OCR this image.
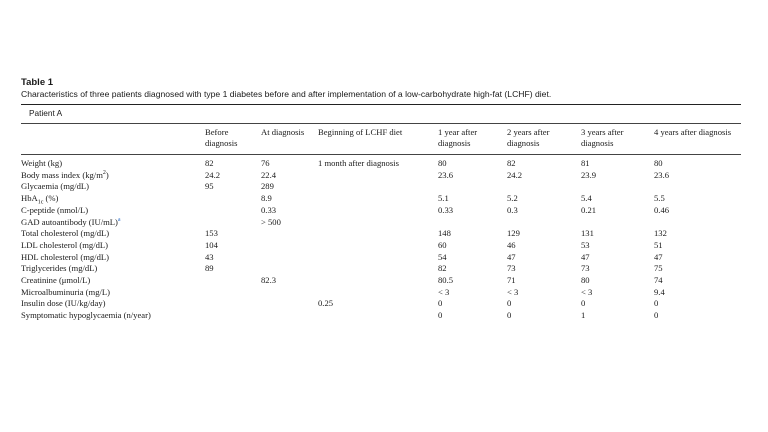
Table 1
Characteristics of three patients diagnosed with type 1 diabetes before and after implementation of a low-carbohydrate high-fat (LCHF) diet.
Patient A
	Before diagnosis	At diagnosis	Beginning of LCHF diet	1 year after diagnosis	2 years after diagnosis	3 years after diagnosis	4 years after diagnosis
Weight (kg)	82	76	1 month after diagnosis	80	82	81	80
Body mass index $(kg/m^2)$	24.2	22.4		23.6	24.2	23.9	23.6
Glycaemia (mg/dL)	95	289					
HbA$_{1c}$ (%)		8.9		5.1	5.2	5.4	5.5
C-peptide (nmol/L)		0.33		0.33	0.3	0.21	0.46
GAD autoantibody (IU/mL)$^a$		> 500					
Total cholesterol (mg/dL)	153			148	129	131	132
LDL cholesterol (mg/dL)	104			60	46	53	51
HDL cholesterol (mg/dL)	43			54	47	47	47
Triglycerides (mg/dL)	89			82	73	73	75
Creatinine (μmol/L)		82.3		80.5	71	80	74
Microalbuminuria (mg/L)				< 3	< 3	< 3	9.4
Insulin dose (IU/kg/day)			0.25	0	0	0	0
Symptomatic hypoglycaemia (n/year)				0	0	1	0
